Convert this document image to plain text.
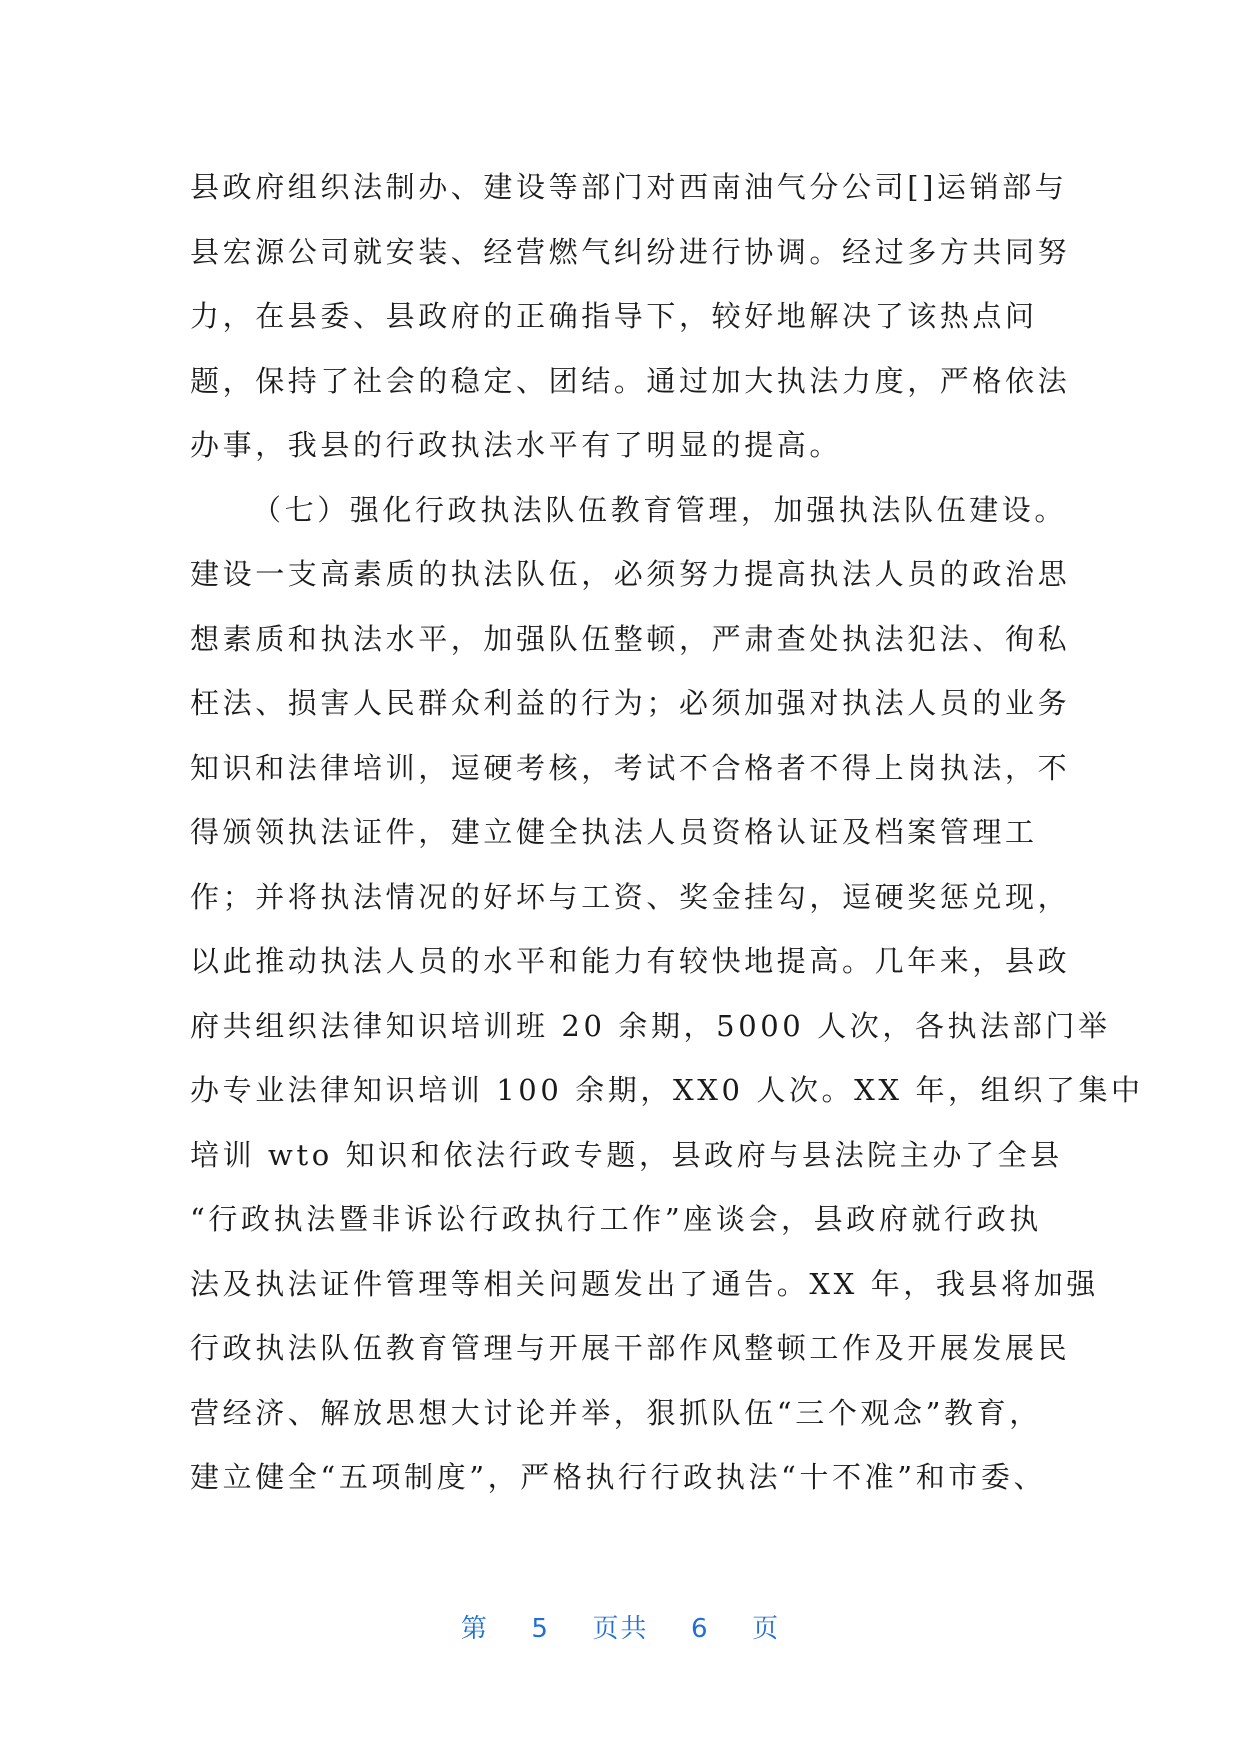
县政府组织法制办、建设等部门对西南油气分公司[]运销部与
县宏源公司就安装、经营燃气纠纷进行协调。经过多方共同努
力，在县委、县政府的正确指导下，较好地解决了该热点问
题，保持了社会的稳定、团结。通过加大执法力度，严格依法
办事，我县的行政执法水平有了明显的提高。
（七）强化行政执法队伍教育管理，加强执法队伍建设。
建设一支高素质的执法队伍，必须努力提高执法人员的政治思
想素质和执法水平，加强队伍整顿，严肃查处执法犯法、徇私
枉法、损害人民群众利益的行为；必须加强对执法人员的业务
知识和法律培训，逗硬考核，考试不合格者不得上岗执法，不
得颁领执法证件，建立健全执法人员资格认证及档案管理工
作；并将执法情况的好坏与工资、奖金挂勾，逗硬奖惩兑现，
以此推动执法人员的水平和能力有较快地提高。几年来，县政
府共组织法律知识培训班 20 余期，5000 人次，各执法部门举
办专业法律知识培训 100 余期，XX0 人次。XX 年，组织了集中
培训 wto 知识和依法行政专题，县政府与县法院主办了全县
“行政执法暨非诉讼行政执行工作”座谈会，县政府就行政执
法及执法证件管理等相关问题发出了通告。XX 年，我县将加强
行政执法队伍教育管理与开展干部作风整顿工作及开展发展民
营经济、解放思想大讨论并举，狠抓队伍“三个观念”教育，
建立健全“五项制度”，严格执行行政执法“十不准”和市委、
第 5 页共 6 页
